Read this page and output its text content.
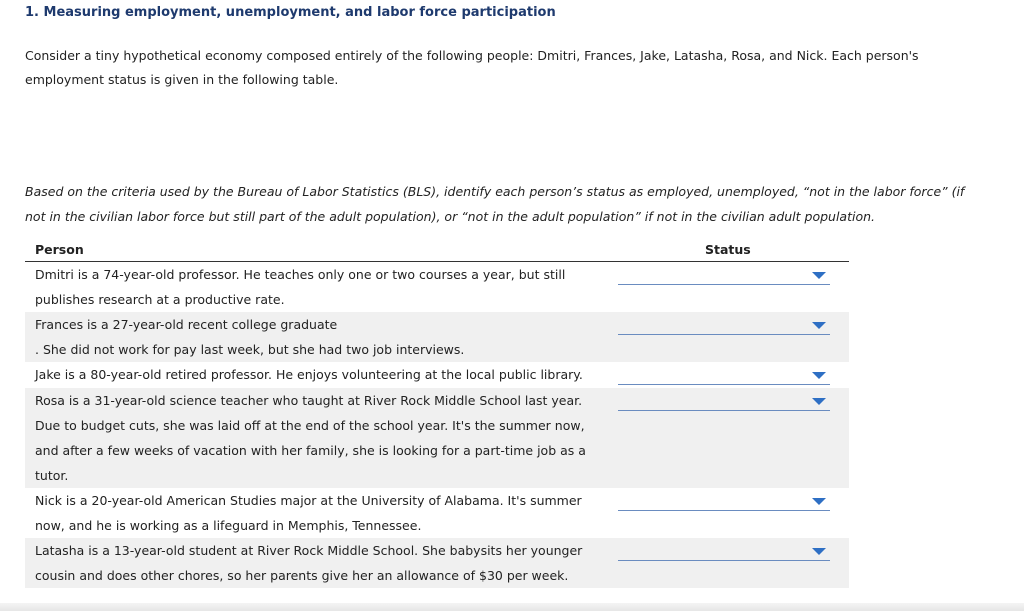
1. Measuring employment, unemployment, and labor force participation
Consider a tiny hypothetical economy composed entirely of the following people: Dmitri, Frances, Jake, Latasha, Rosa, and Nick. Each person's employment status is given in the following table.
Based on the criteria used by the Bureau of Labor Statistics (BLS), identify each person’s status as employed, unemployed, “not in the labor force” (if not in the civilian labor force but still part of the adult population), or “not in the adult population” if not in the civilian adult population.
Person	Status
Dmitri is a 74-year-old professor. He teaches only one or two courses a year, but still publishes research at a productive rate.
Frances is a 27-year-old recent college graduate
. She did not work for pay last week, but she had two job interviews.
Jake is a 80-year-old retired professor. He enjoys volunteering at the local public library.
Rosa is a 31-year-old science teacher who taught at River Rock Middle School last year. Due to budget cuts, she was laid off at the end of the school year. It's the summer now, and after a few weeks of vacation with her family, she is looking for a part-time job as a tutor.
Nick is a 20-year-old American Studies major at the University of Alabama. It's summer now, and he is working as a lifeguard in Memphis, Tennessee.
Latasha is a 13-year-old student at River Rock Middle School. She babysits her younger cousin and does other chores, so her parents give her an allowance of $30 per week.
